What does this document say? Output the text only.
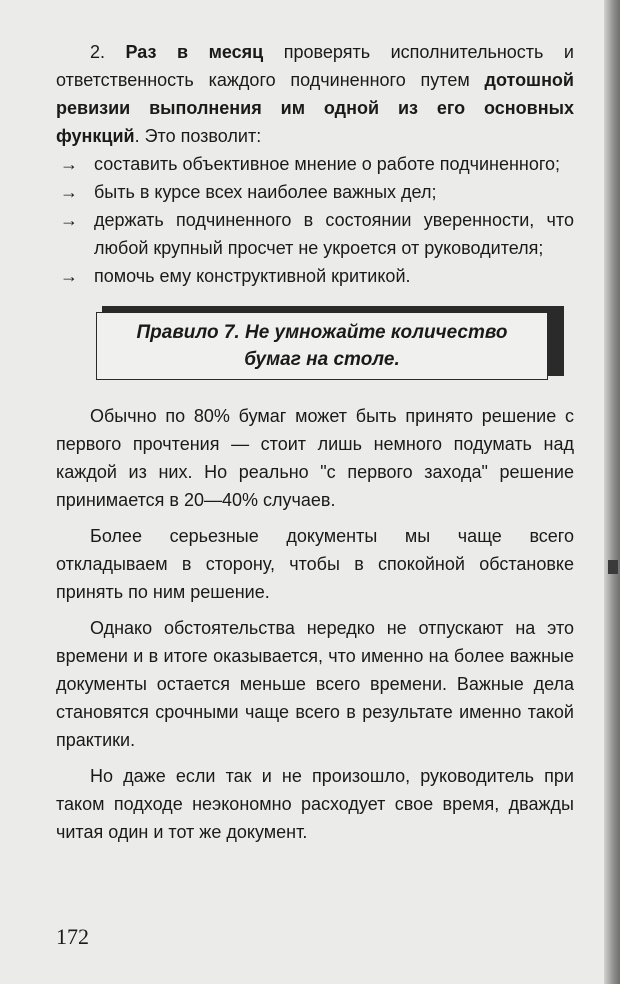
2. Раз в месяц проверять исполнительность и ответственность каждого подчиненного путем дотошной ревизии выполнения им одной из его основных функций. Это позволит:

→ составить объективное мнение о работе подчиненного;
→ быть в курсе всех наиболее важных дел;
→ держать подчиненного в состоянии уверенности, что любой крупный просчет не укроется от руководителя;
→ помочь ему конструктивной критикой.
Правило 7. Не умножайте количество
бумаг на столе.

Обычно по 80% бумаг может быть принято решение с первого прочтения — стоит лишь немного подумать над каждой из них. Но реально "с первого захода" решение принимается в 20—40% случаев.

Более серьезные документы мы чаще всего откладываем в сторону, чтобы в спокойной обстановке принять по ним решение.

Однако обстоятельства нередко не отпускают на это времени и в итоге оказывается, что именно на более важные документы остается меньше всего времени. Важные дела становятся срочными чаще всего в результате именно такой практики.

Но даже если так и не произошло, руководитель при таком подходе неэкономно расходует свое время, дважды читая один и тот же документ.

172
